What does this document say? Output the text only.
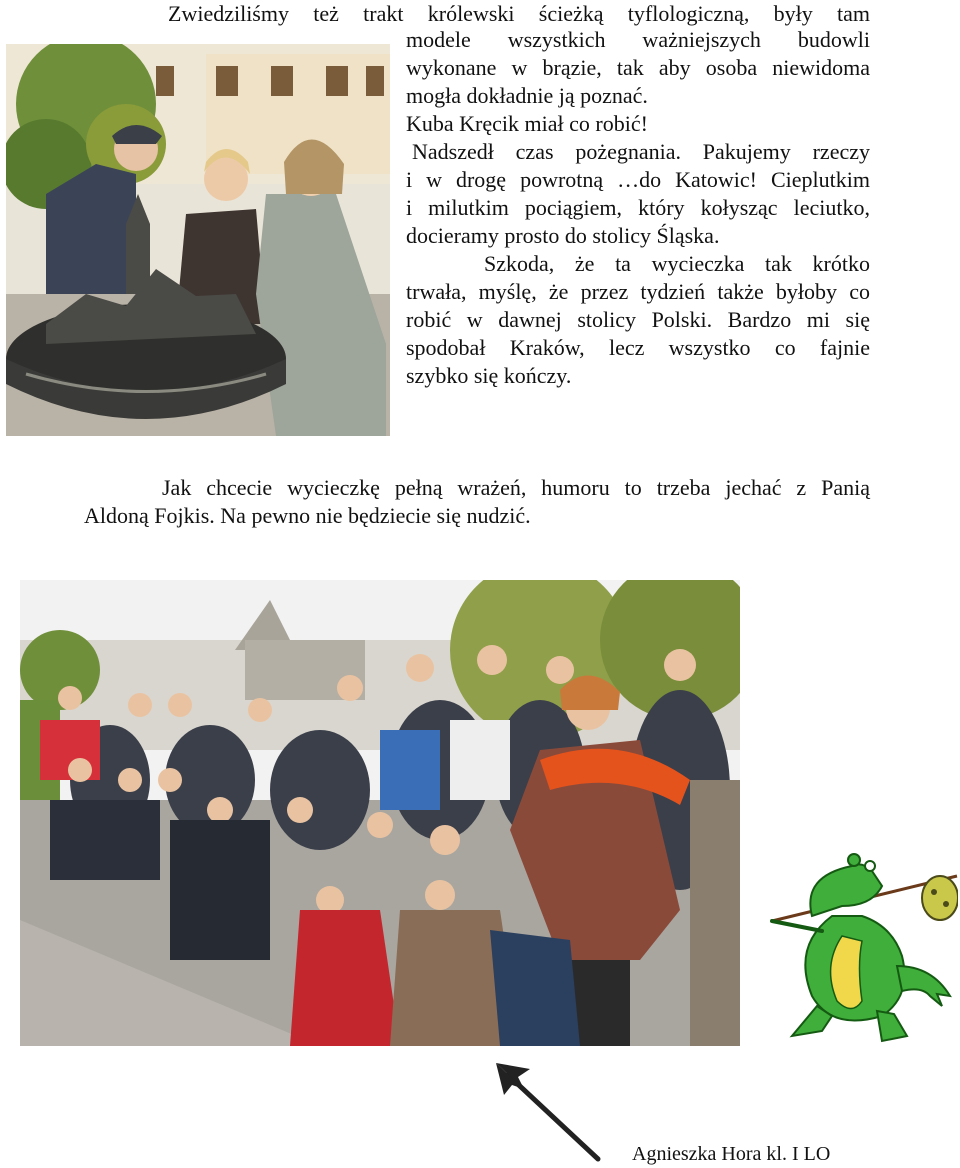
Zwiedziliśmy też trakt królewski ścieżką tyflologiczną, były tam
modele wszystkich ważniejszych budowli
wykonane w brązie, tak aby osoba niewidoma
mogła dokładnie ją poznać.
Kuba Kręcik miał co robić!
Nadszedł czas pożegnania. Pakujemy rzeczy
i w drogę powrotną …do Katowic! Cieplutkim
i milutkim pociągiem, który kołysząc leciutko,
docieramy prosto do stolicy Śląska.
Szkoda, że ta wycieczka tak krótko
trwała, myślę, że przez tydzień także byłoby co
robić w dawnej stolicy Polski. Bardzo mi się
spodobał Kraków, lecz wszystko co fajnie
szybko się kończy.
Jak chcecie wycieczkę pełną wrażeń, humoru to trzeba jechać z Panią
Aldoną Fojkis. Na pewno nie będziecie się nudzić.
Agnieszka Hora kl. I LO
